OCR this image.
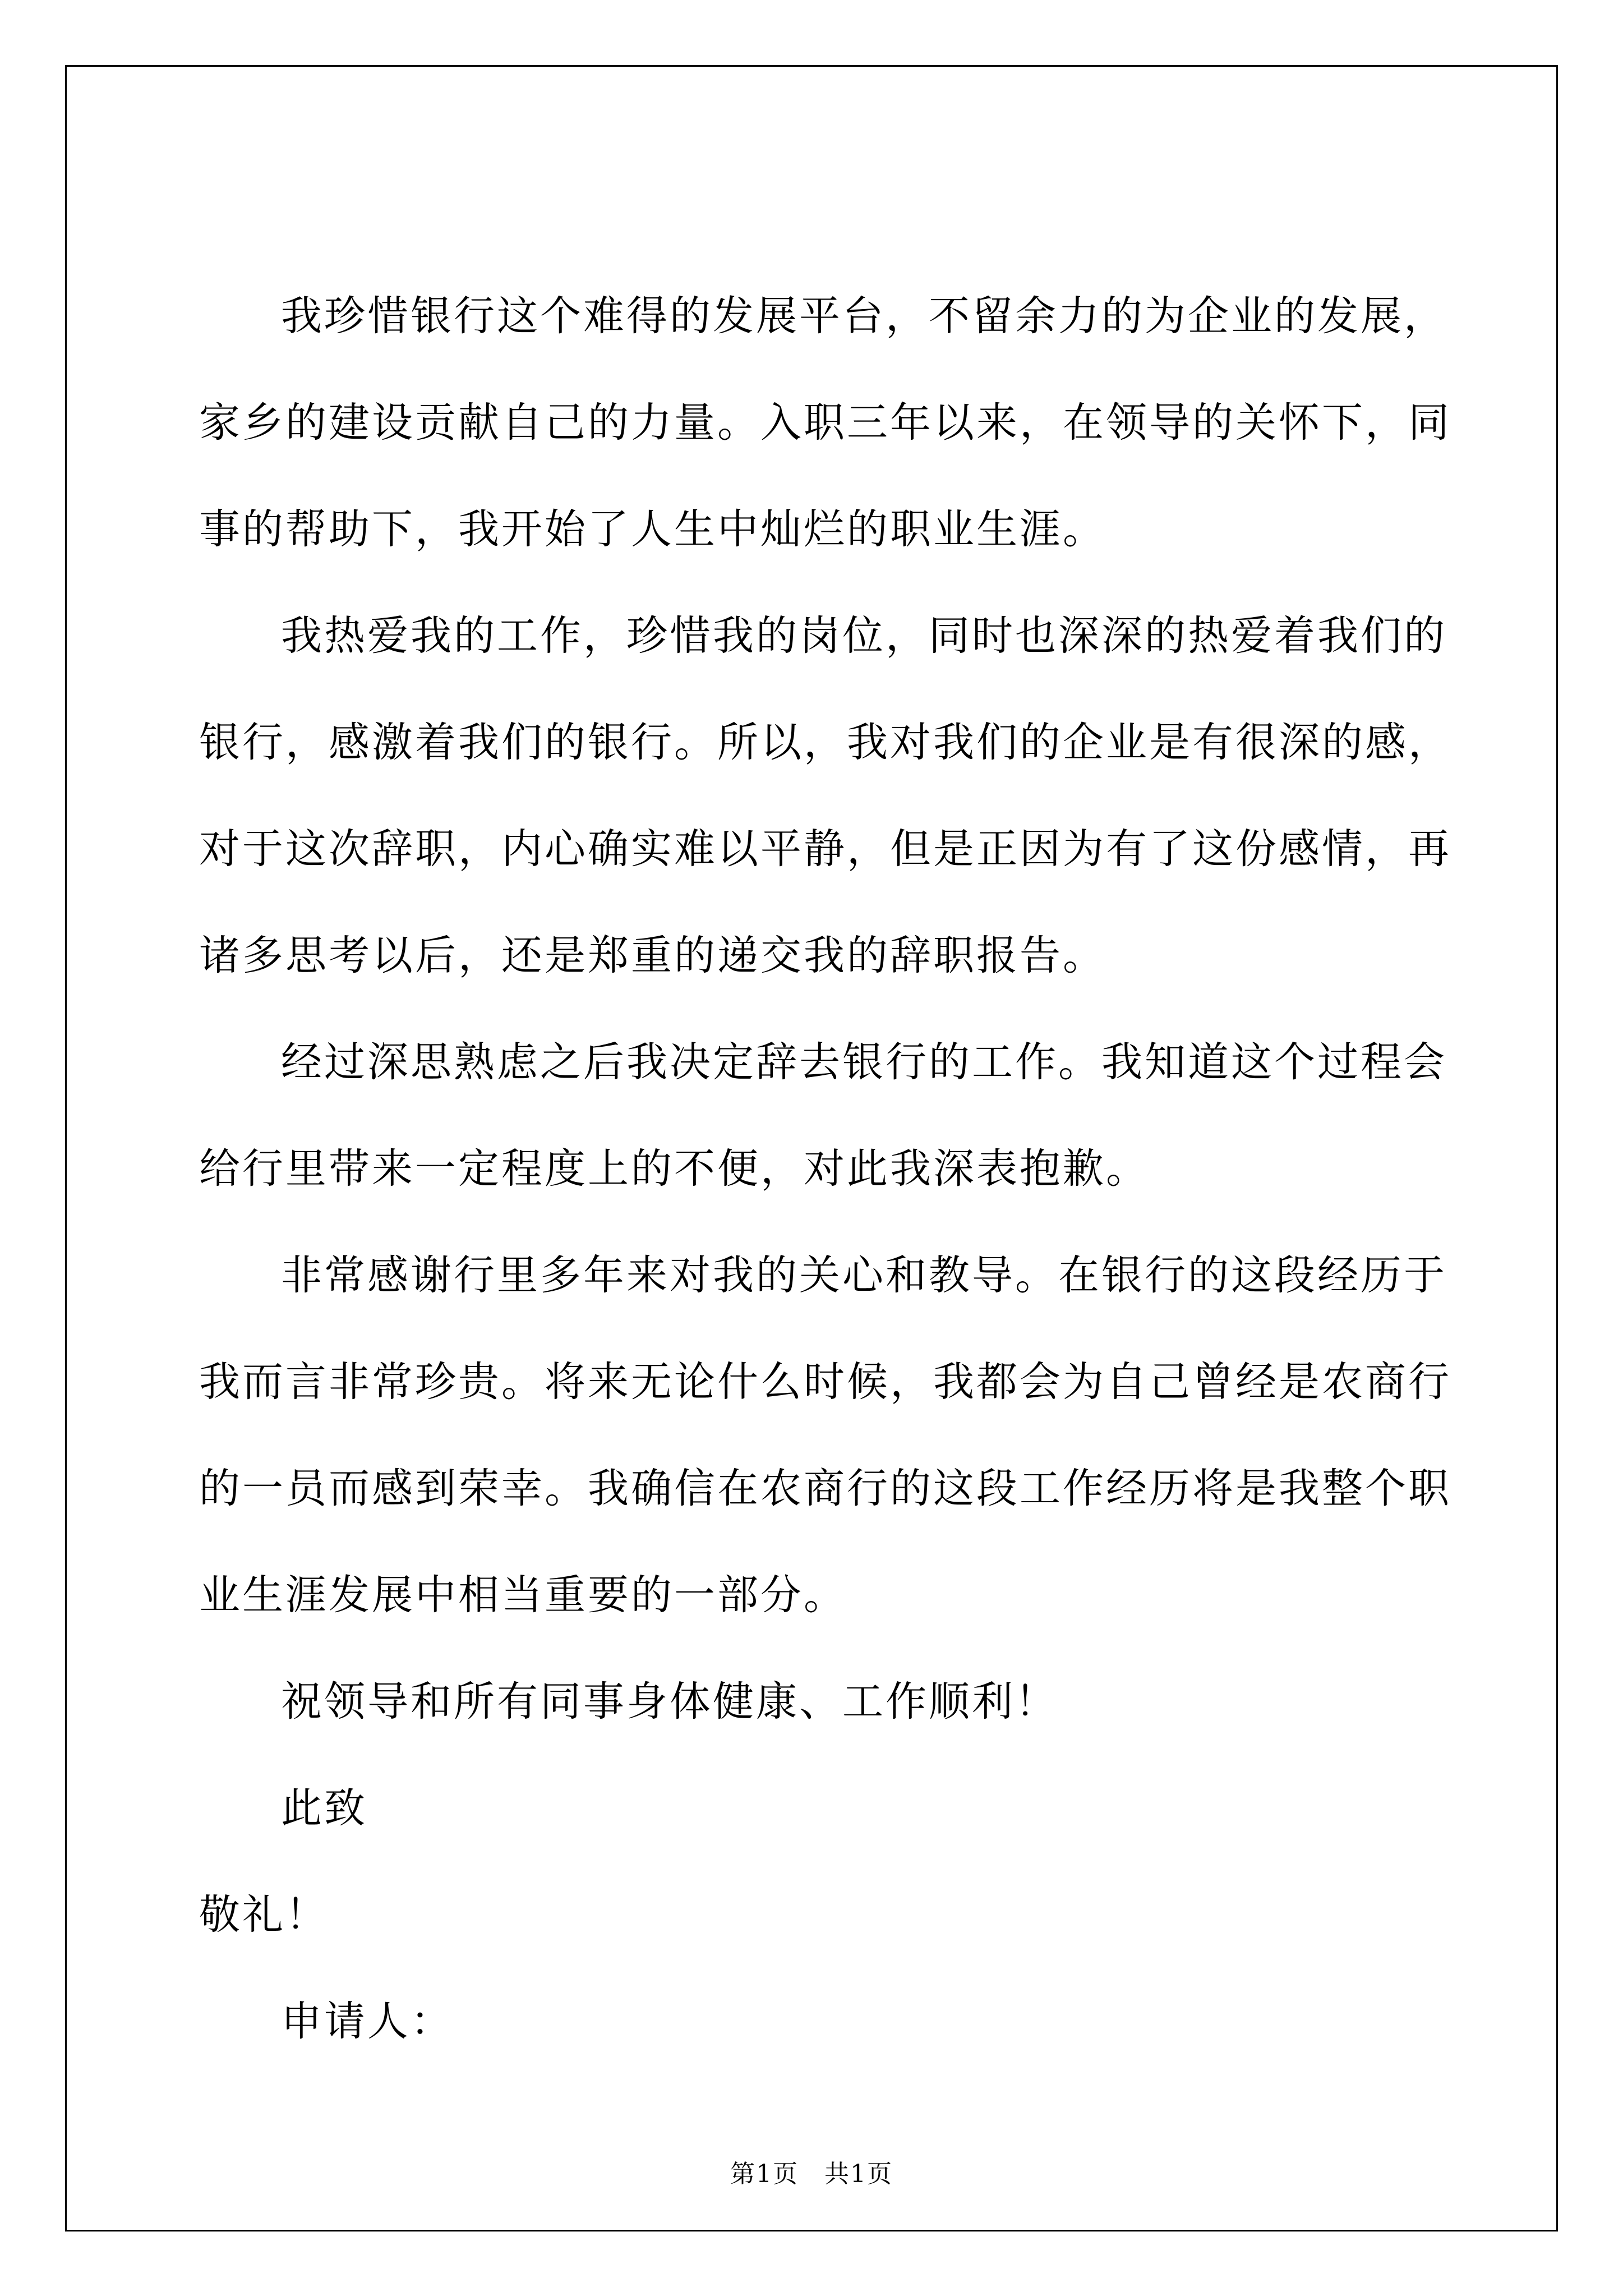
我珍惜银行这个难得的发展平台，不留余力的为企业的发展，家乡的建设贡献自己的力量。入职三年以来，在领导的关怀下，同事的帮助下，我开始了人生中灿烂的职业生涯。

我热爱我的工作，珍惜我的岗位，同时也深深的热爱着我们的银行，感激着我们的银行。所以，我对我们的企业是有很深的感，对于这次辞职，内心确实难以平静，但是正因为有了这份感情，再诸多思考以后，还是郑重的递交我的辞职报告。

经过深思熟虑之后我决定辞去银行的工作。我知道这个过程会给行里带来一定程度上的不便，对此我深表抱歉。

非常感谢行里多年来对我的关心和教导。在银行的这段经历于我而言非常珍贵。将来无论什么时候，我都会为自己曾经是农商行的一员而感到荣幸。我确信在农商行的这段工作经历将是我整个职业生涯发展中相当重要的一部分。

祝领导和所有同事身体健康、工作顺利！

此致

敬礼！

申请人：

第1页　共1页
